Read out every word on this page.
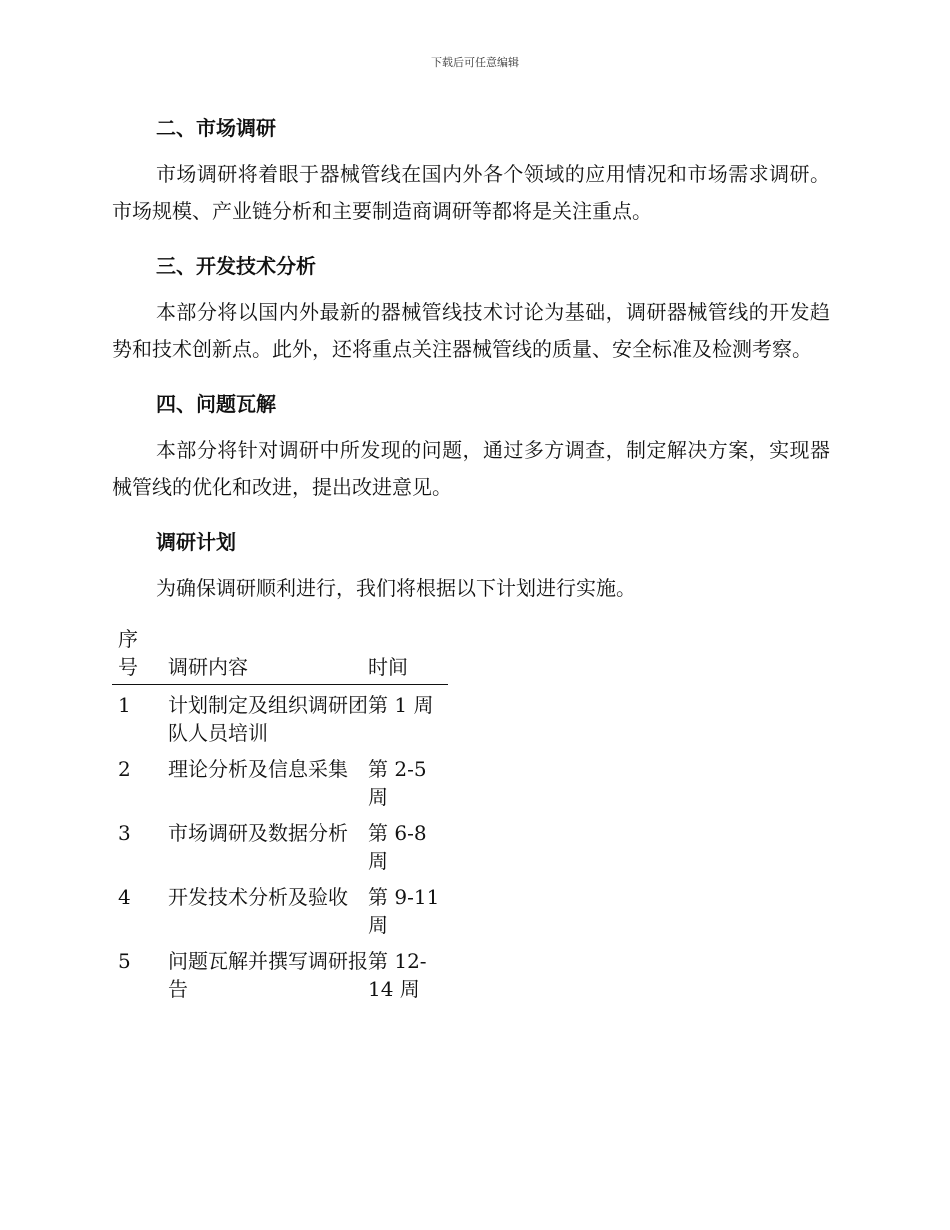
下载后可任意编辑
二、市场调研

市场调研将着眼于器械管线在国内外各个领域的应用情况和市场需求调研。市场规模、产业链分析和主要制造商调研等都将是关注重点。

三、开发技术分析

本部分将以国内外最新的器械管线技术讨论为基础，调研器械管线的开发趋势和技术创新点。此外，还将重点关注器械管线的质量、安全标准及检测考察。

四、问题瓦解

本部分将针对调研中所发现的问题，通过多方调查，制定解决方案，实现器械管线的优化和改进，提出改进意见。

调研计划

为确保调研顺利进行，我们将根据以下计划进行实施。

序号	调研内容	时间
1	计划制定及组织调研团队人员培训	第 1 周
2	理论分析及信息采集	第 2-5 周
3	市场调研及数据分析	第 6-8 周
4	开发技术分析及验收	第 9-11 周
5	问题瓦解并撰写调研报告	第 12-14 周
